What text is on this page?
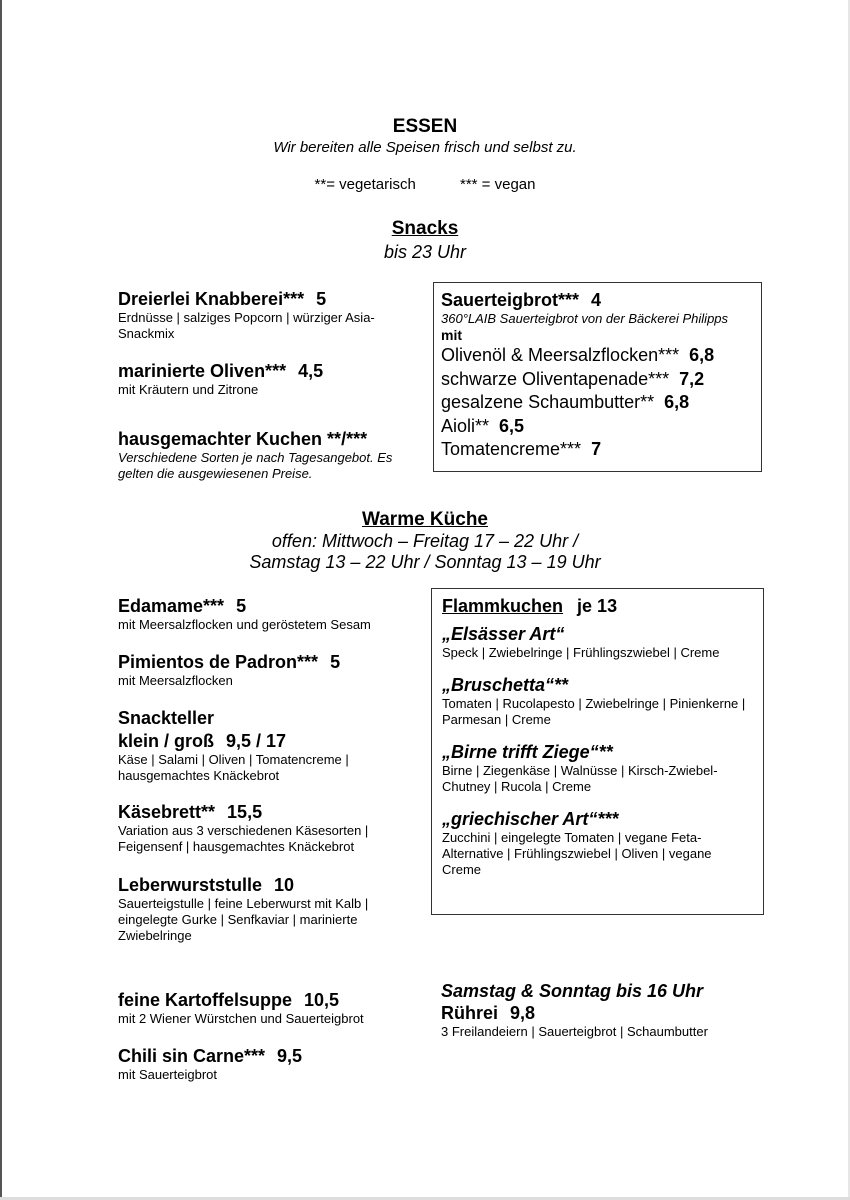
ESSEN
Wir bereiten alle Speisen frisch und selbst zu.
**= vegetarisch	*** = vegan
Snacks
bis 23 Uhr
Dreierlei Knabberei*** 5
Erdnüsse | salziges Popcorn | würziger Asia-Snackmix
marinierte Oliven*** 4,5
mit Kräutern und Zitrone
hausgemachter Kuchen **/***
Verschiedene Sorten je nach Tagesangebot. Es gelten die ausgewiesenen Preise.
Sauerteigbrot*** 4
360°LAIB Sauerteigbrot von der Bäckerei Philipps
mit
Olivenöl & Meersalzflocken*** 6,8
schwarze Oliventapenade*** 7,2
gesalzene Schaumbutter** 6,8
Aioli** 6,5
Tomatencreme*** 7
Warme Küche
offen: Mittwoch – Freitag 17 – 22 Uhr /
Samstag 13 – 22 Uhr / Sonntag 13 – 19 Uhr
Edamame*** 5
mit Meersalzflocken und geröstetem Sesam
Pimientos de Padron*** 5
mit Meersalzflocken
Snackteller
klein / groß 9,5 / 17
Käse | Salami | Oliven | Tomatencreme | hausgemachtes Knäckebrot
Käsebrett** 15,5
Variation aus 3 verschiedenen Käsesorten | Feigensenf | hausgemachtes Knäckebrot
Leberwurststulle 10
Sauerteigstulle | feine Leberwurst mit Kalb | eingelegte Gurke | Senfkaviar | marinierte Zwiebelringe
feine Kartoffelsuppe 10,5
mit 2 Wiener Würstchen und Sauerteigbrot
Chili sin Carne*** 9,5
mit Sauerteigbrot
Flammkuchen je 13
„Elsässer Art“
Speck | Zwiebelringe | Frühlingszwiebel | Creme
„Bruschetta“**
Tomaten | Rucolapesto | Zwiebelringe | Pinienkerne | Parmesan | Creme
„Birne trifft Ziege“**
Birne | Ziegenkäse | Walnüsse | Kirsch-Zwiebel-Chutney | Rucola | Creme
„griechischer Art“***
Zucchini | eingelegte Tomaten | vegane Feta-Alternative | Frühlingszwiebel | Oliven | vegane Creme
Samstag & Sonntag bis 16 Uhr
Rührei 9,8
3 Freilandeiern | Sauerteigbrot | Schaumbutter
